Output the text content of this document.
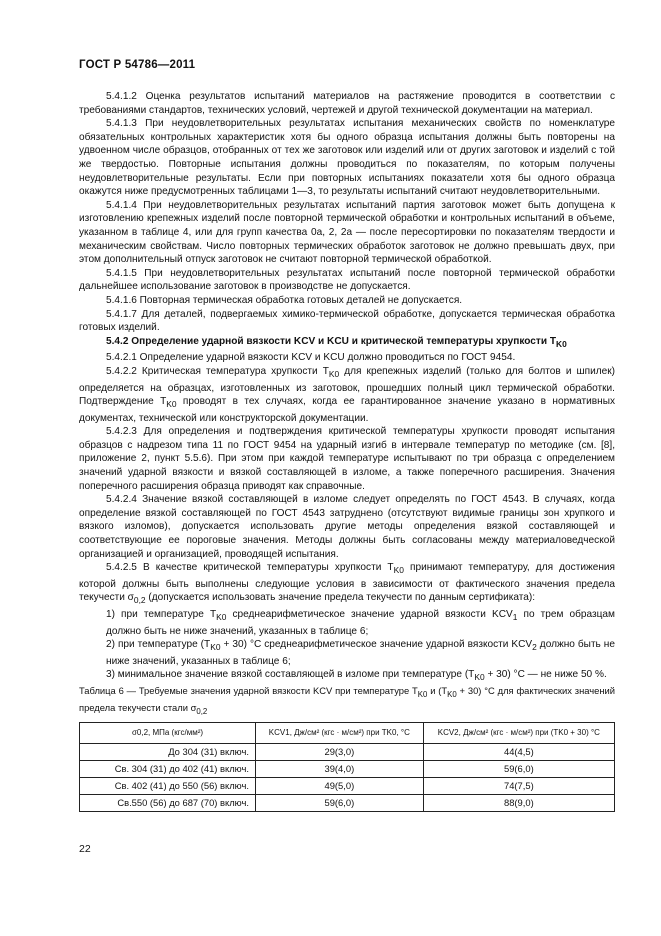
ГОСТ Р 54786—2011

5.4.1.2 Оценка результатов испытаний материалов на растяжение проводится в соответствии с требованиями стандартов, технических условий, чертежей и другой технической документации на материал.

5.4.1.3 При неудовлетворительных результатах испытания механических свойств по номенклатуре обязательных контрольных характеристик хотя бы одного образца испытания должны быть повторены на удвоенном числе образцов, отобранных от тех же заготовок или изделий или от других заготовок и изделий с той же твердостью. Повторные испытания должны проводиться по показателям, по которым получены неудовлетворительные результаты. Если при повторных испытаниях показатели хотя бы одного образца окажутся ниже предусмотренных таблицами 1—3, то результаты испытаний считают неудовлетворительными.

5.4.1.4 При неудовлетворительных результатах испытаний партия заготовок может быть допущена к изготовлению крепежных изделий после повторной термической обработки и контрольных испытаний в объеме, указанном в таблице 4, или для групп качества 0а, 2, 2а — после пересортировки по показателям твердости и механическим свойствам. Число повторных термических обработок заготовок не должно превышать двух, при этом дополнительный отпуск заготовок не считают повторной термической обработкой.

5.4.1.5 При неудовлетворительных результатах испытаний после повторной термической обработки дальнейшее использование заготовок в производстве не допускается.

5.4.1.6 Повторная термическая обработка готовых деталей не допускается.

5.4.1.7 Для деталей, подвергаемых химико-термической обработке, допускается термическая обработка готовых изделий.

5.4.2 Определение ударной вязкости KCV и KCU и критической температуры хрупкости $T_{K0}$

5.4.2.1 Определение ударной вязкости KCV и KCU должно проводиться по ГОСТ 9454.

5.4.2.2 Критическая температура хрупкости $T_{K0}$ для крепежных изделий (только для болтов и шпилек) определяется на образцах, изготовленных из заготовок, прошедших полный цикл термической обработки. Подтверждение $T_{K0}$ проводят в тех случаях, когда ее гарантированное значение указано в нормативных документах, технической или конструкторской документации.

5.4.2.3 Для определения и подтверждения критической температуры хрупкости проводят испытания образцов с надрезом типа 11 по ГОСТ 9454 на ударный изгиб в интервале температур по методике (см. [8], приложение 2, пункт 5.5.6). При этом при каждой температуре испытывают по три образца с определением значений ударной вязкости и вязкой составляющей в изломе, а также поперечного расширения. Значения поперечного расширения образца приводят как справочные.

5.4.2.4 Значение вязкой составляющей в изломе следует определять по ГОСТ 4543. В случаях, когда определение вязкой составляющей по ГОСТ 4543 затруднено (отсутствуют видимые границы зон хрупкого и вязкого изломов), допускается использовать другие методы определения вязкой составляющей и соответствующие ее пороговые значения. Методы должны быть согласованы между материаловедческой организацией и организацией, проводящей испытания.

5.4.2.5 В качестве критической температуры хрупкости $T_{K0}$ принимают температуру, для достижения которой должны быть выполнены следующие условия в зависимости от фактического значения предела текучести $\sigma_{0,2}$ (допускается использовать значение предела текучести по данным сертификата):

1) при температуре $T_{K0}$ среднеарифметическое значение ударной вязкости $KCV_1$ по трем образцам должно быть не ниже значений, указанных в таблице 6;

2) при температуре $(T_{K0} + 30)$ °С среднеарифметическое значение ударной вязкости $KCV_2$ должно быть не ниже значений, указанных в таблице 6;

3) минимальное значение вязкой составляющей в изломе при температуре $(T_{K0} + 30)$ °С — не ниже 50 %.

Таблица 6 — Требуемые значения ударной вязкости KCV при температуре $T_{K0}$ и $(T_{K0} + 30)$ °С для фактических значений предела текучести стали $\sigma_{0,2}$

σ0,2, МПа (кгс/мм²)	KCV1, Дж/см² (кгс · м/см²) при TK0, °С	KCV2, Дж/см² (кгс · м/см²) при (TK0 + 30) °С
До 304 (31) включ.	29(3,0)	44(4,5)
Св. 304 (31) до 402 (41) включ.	39(4,0)	59(6,0)
Св. 402 (41) до 550 (56) включ.	49(5,0)	74(7,5)
Св.550 (56) до 687 (70) включ.	59(6,0)	88(9,0)
22
